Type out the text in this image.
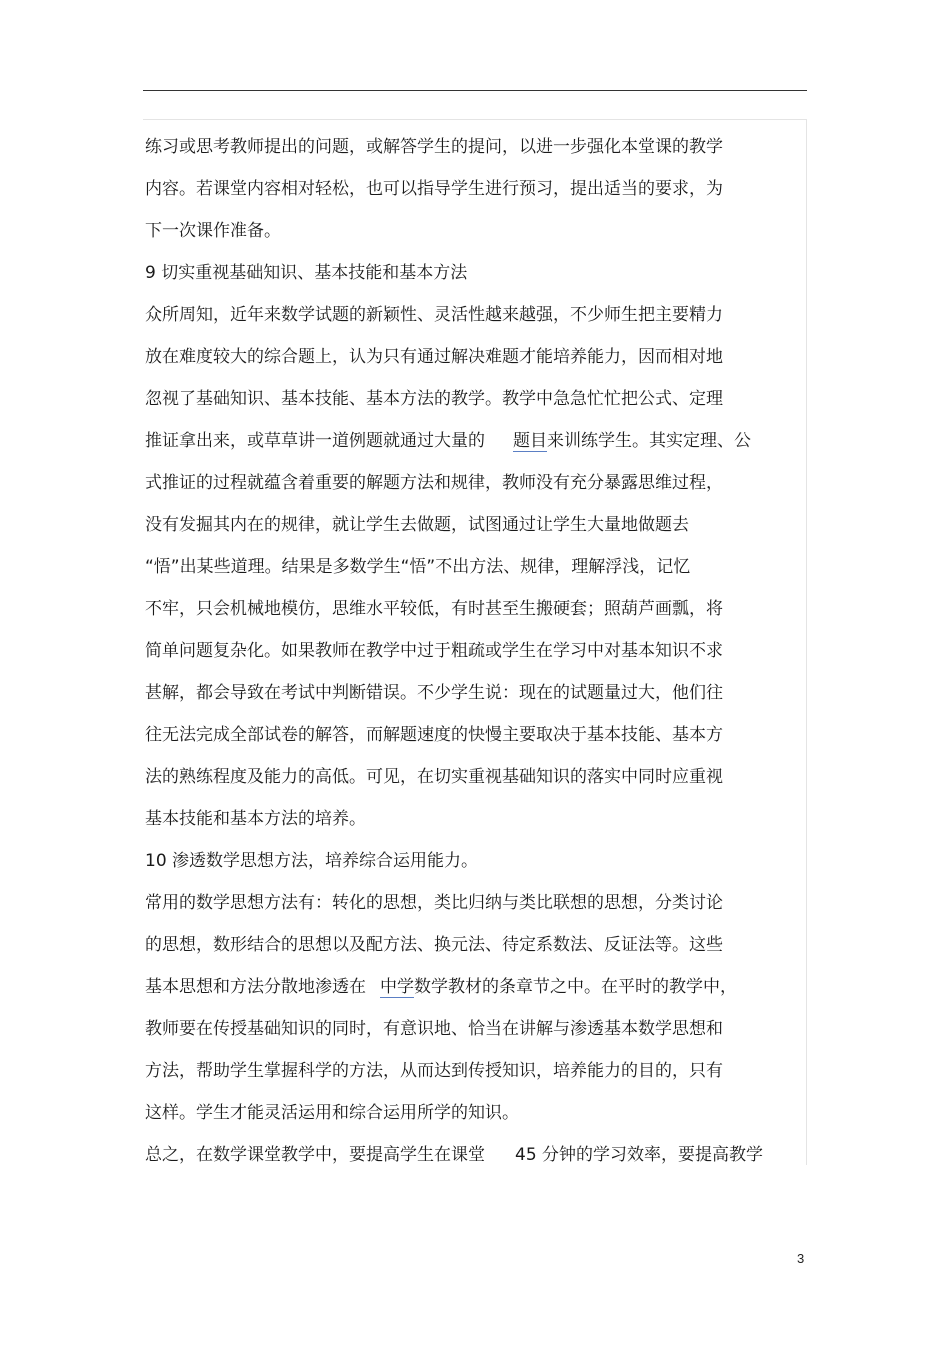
练习或思考教师提出的问题，或解答学生的提问，以进一步强化本堂课的教学
内容。若课堂内容相对轻松，也可以指导学生进行预习，提出适当的要求，为
下一次课作准备。
9 切实重视基础知识、基本技能和基本方法
众所周知，近年来数学试题的新颖性、灵活性越来越强，不少师生把主要精力
放在难度较大的综合题上，认为只有通过解决难题才能培养能力，因而相对地
忽视了基础知识、基本技能、基本方法的教学。教学中急急忙忙把公式、定理
推证拿出来，或草草讲一道例题就通过大量的 题目来训练学生。其实定理、公
式推证的过程就蕴含着重要的解题方法和规律，教师没有充分暴露思维过程，
没有发掘其内在的规律，就让学生去做题，试图通过让学生大量地做题去
“悟”出某些道理。结果是多数学生“悟”不出方法、规律，理解浮浅，记忆
不牢，只会机械地模仿，思维水平较低，有时甚至生搬硬套；照葫芦画瓢，将
简单问题复杂化。如果教师在教学中过于粗疏或学生在学习中对基本知识不求
甚解，都会导致在考试中判断错误。不少学生说：现在的试题量过大，他们往
往无法完成全部试卷的解答，而解题速度的快慢主要取决于基本技能、基本方
法的熟练程度及能力的高低。可见，在切实重视基础知识的落实中同时应重视
基本技能和基本方法的培养。
10 渗透数学思想方法，培养综合运用能力。
常用的数学思想方法有：转化的思想，类比归纳与类比联想的思想，分类讨论
的思想，数形结合的思想以及配方法、换元法、待定系数法、反证法等。这些
基本思想和方法分散地渗透在 中学数学教材的条章节之中。在平时的教学中，
教师要在传授基础知识的同时，有意识地、恰当在讲解与渗透基本数学思想和
方法，帮助学生掌握科学的方法，从而达到传授知识，培养能力的目的，只有
这样。学生才能灵活运用和综合运用所学的知识。
总之，在数学课堂教学中，要提高学生在课堂 45 分钟的学习效率，要提高教学
3
